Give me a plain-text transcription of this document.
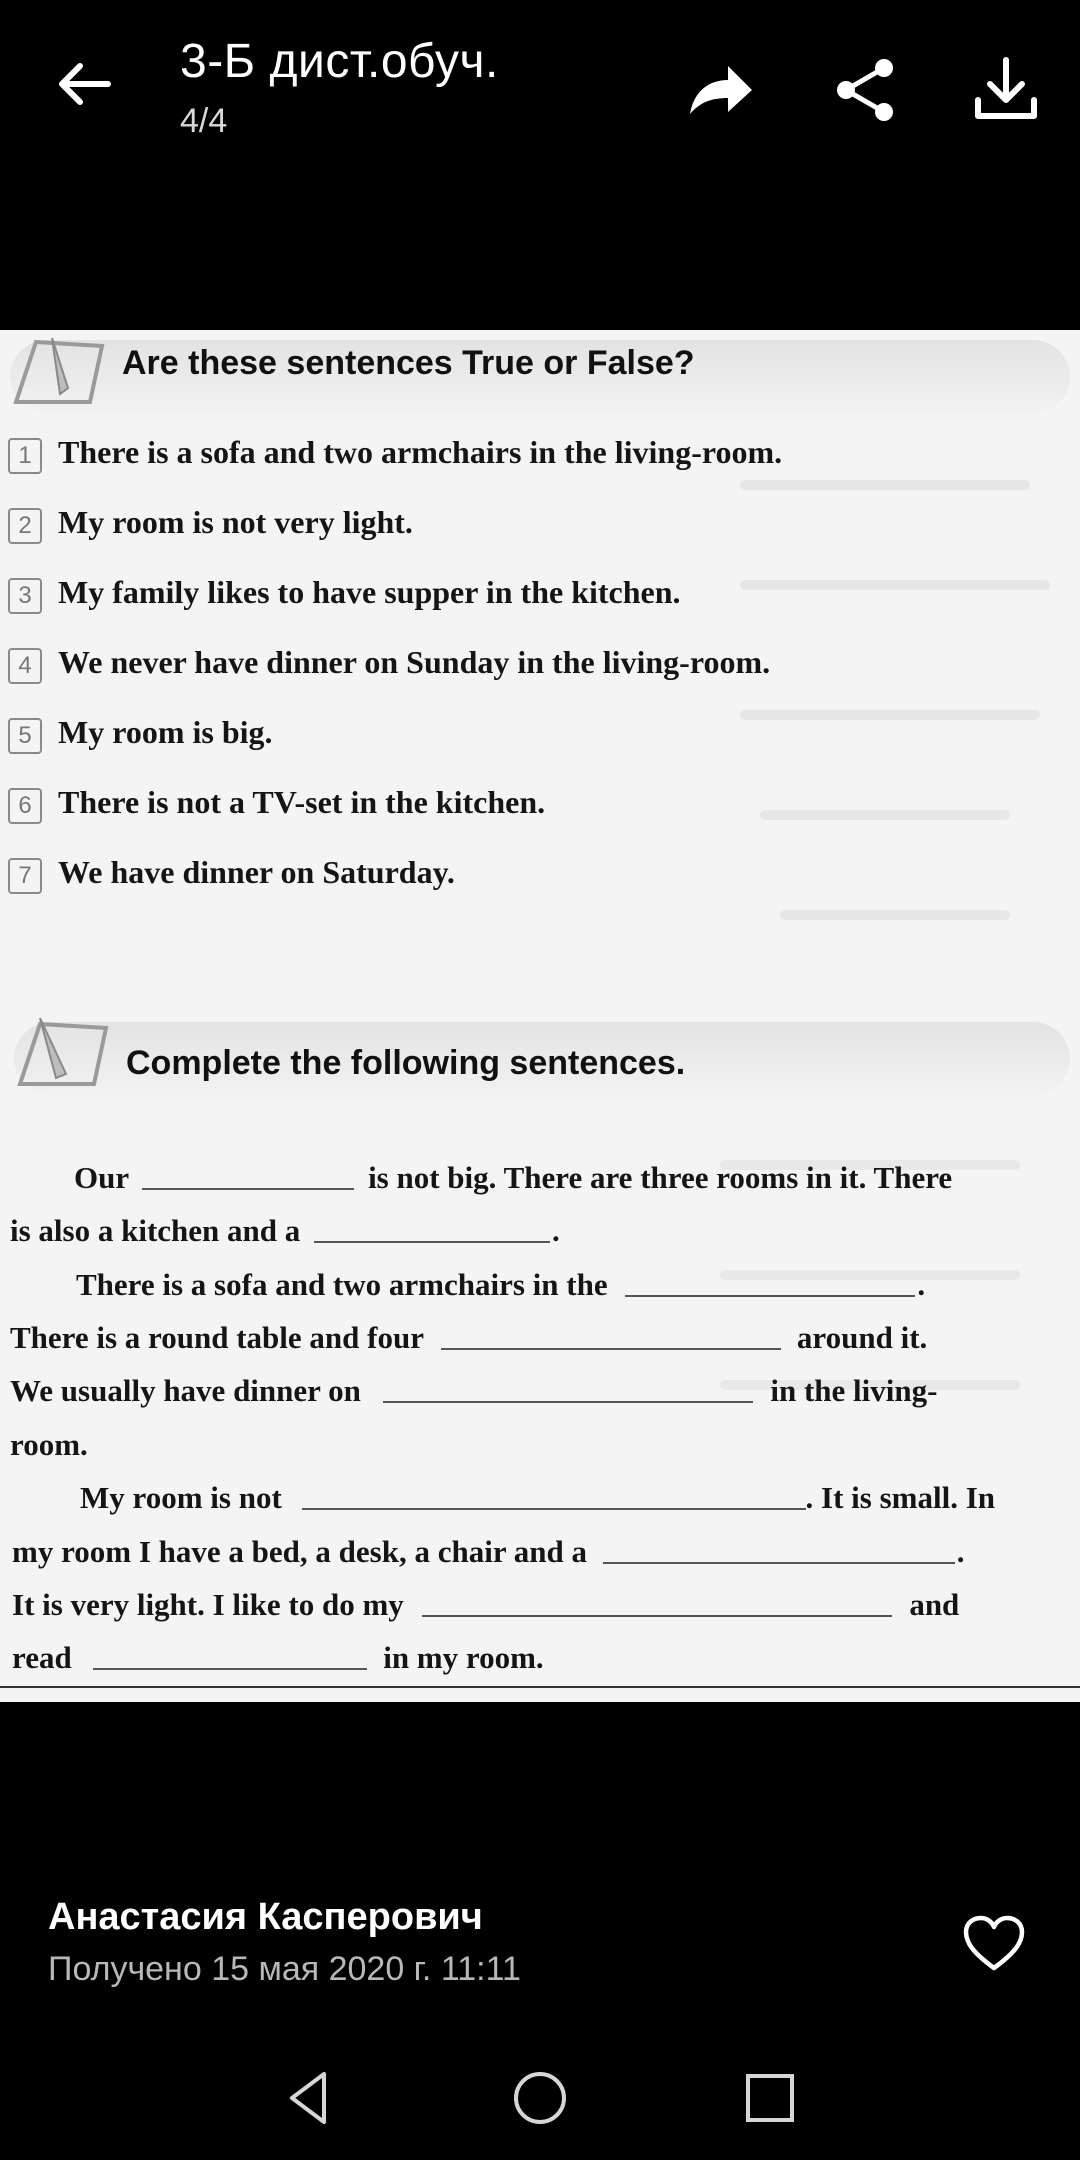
3-Б дист.обуч.
4/4
Are these sentences True or False?
1 There is a sofa and two armchairs in the living-room.
2 My room is not very light.
3 My family likes to have supper in the kitchen.
4 We never have dinner on Sunday in the living-room.
5 My room is big.
6 There is not a TV-set in the kitchen.
7 We have dinner on Saturday.
Complete the following sentences.
Our	is not big. There are three rooms in it. There
is also a kitchen and a	.
There is a sofa and two armchairs in the	.
There is a round table and four	around it.
We usually have dinner on	in the living-
room.
My room is not	. It is small. In
my room I have a bed, a desk, a chair and a	.
It is very light. I like to do my	and
read	in my room.
Анастасия Касперович
Получено 15 мая 2020 г. 11:11
